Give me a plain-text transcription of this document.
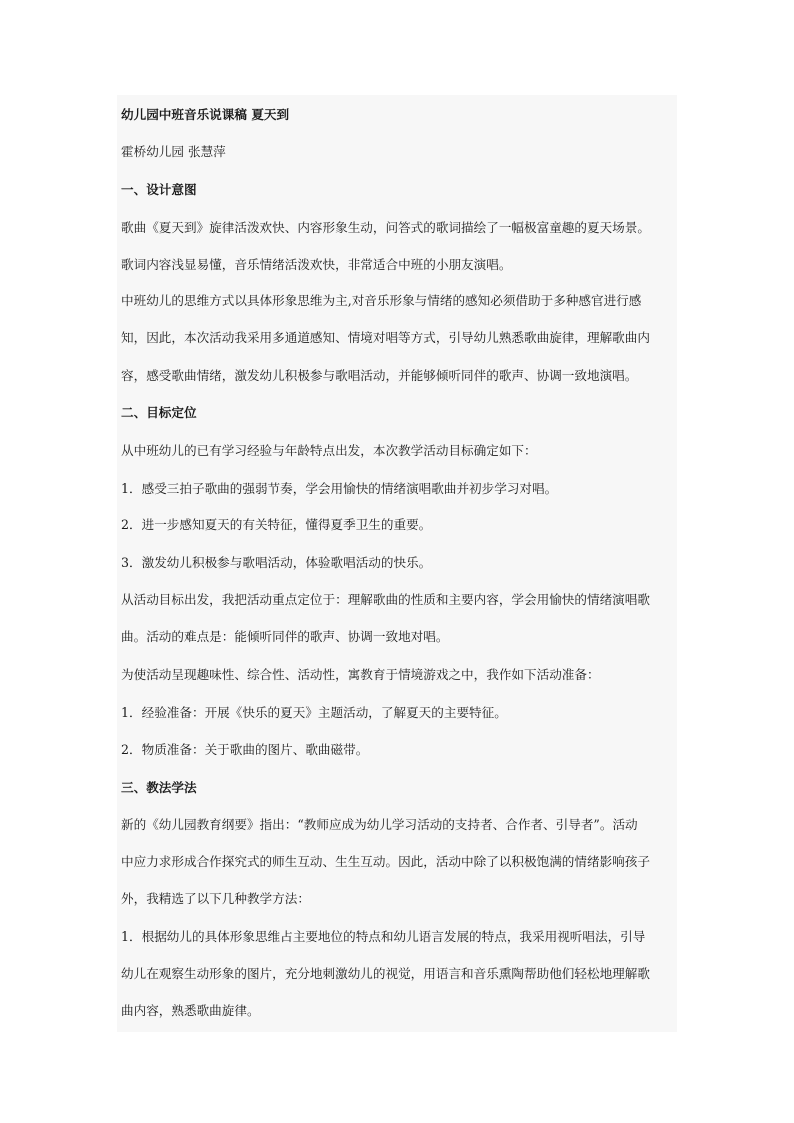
幼儿园中班音乐说课稿 夏天到
霍桥幼儿园 张慧萍
一、设计意图
歌曲《夏天到》旋律活泼欢快、内容形象生动，问答式的歌词描绘了一幅极富童趣的夏天场景。
歌词内容浅显易懂，音乐情绪活泼欢快，非常适合中班的小朋友演唱。
中班幼儿的思维方式以具体形象思维为主,对音乐形象与情绪的感知必须借助于多种感官进行感
知，因此，本次活动我采用多通道感知、情境对唱等方式，引导幼儿熟悉歌曲旋律，理解歌曲内
容，感受歌曲情绪，激发幼儿积极参与歌唱活动，并能够倾听同伴的歌声、协调一致地演唱。
二、目标定位
从中班幼儿的已有学习经验与年龄特点出发，本次教学活动目标确定如下：
1．感受三拍子歌曲的强弱节奏，学会用愉快的情绪演唱歌曲并初步学习对唱。
2．进一步感知夏天的有关特征，懂得夏季卫生的重要。
3．激发幼儿积极参与歌唱活动，体验歌唱活动的快乐。
从活动目标出发，我把活动重点定位于：理解歌曲的性质和主要内容，学会用愉快的情绪演唱歌
曲。活动的难点是：能倾听同伴的歌声、协调一致地对唱。
为使活动呈现趣味性、综合性、活动性，寓教育于情境游戏之中，我作如下活动准备：
1．经验准备：开展《快乐的夏天》主题活动，了解夏天的主要特征。
2．物质准备：关于歌曲的图片、歌曲磁带。
三、教法学法
新的《幼儿园教育纲要》指出：“教师应成为幼儿学习活动的支持者、合作者、引导者”。活动
中应力求形成合作探究式的师生互动、生生互动。因此，活动中除了以积极饱满的情绪影响孩子
外，我精选了以下几种教学方法：
1．根据幼儿的具体形象思维占主要地位的特点和幼儿语言发展的特点，我采用视听唱法，引导
幼儿在观察生动形象的图片，充分地刺激幼儿的视觉，用语言和音乐熏陶帮助他们轻松地理解歌
曲内容，熟悉歌曲旋律。
